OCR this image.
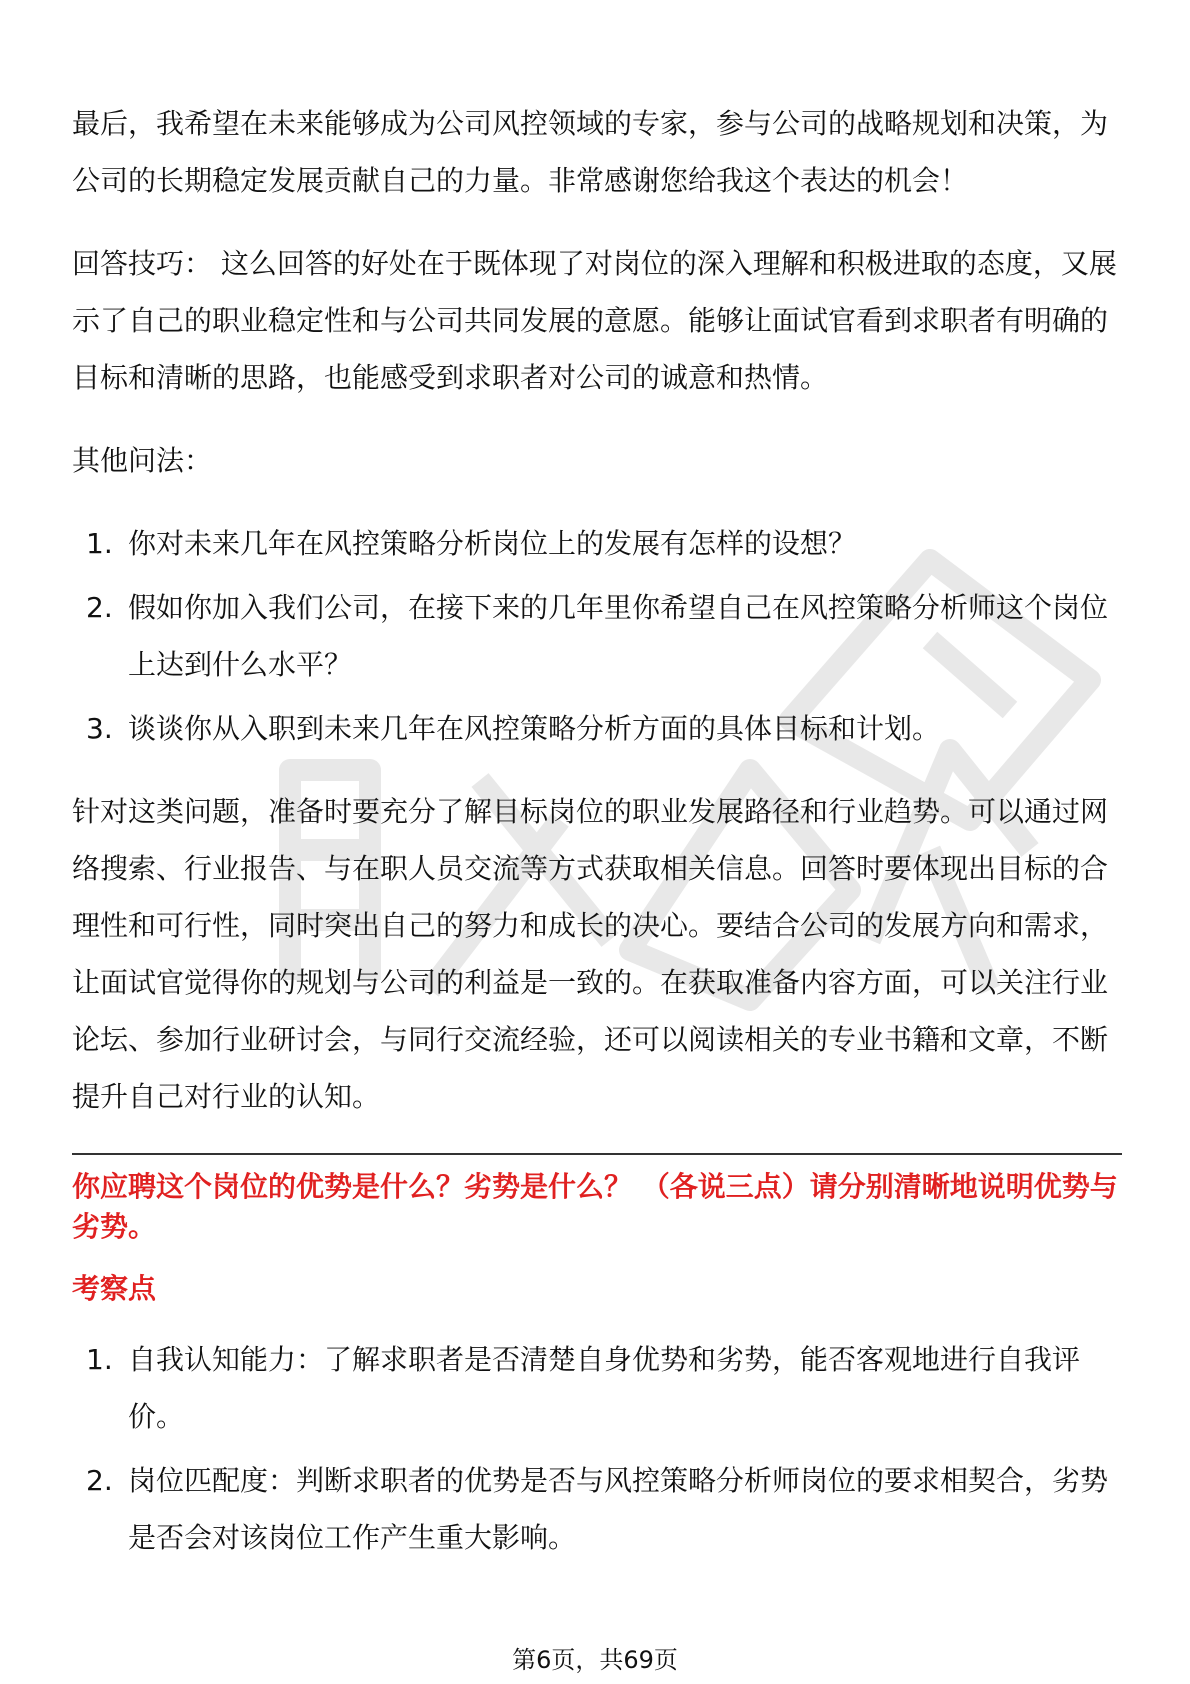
最后，我希望在未来能够成为公司风控领域的专家，参与公司的战略规划和决策，为公司的长期稳定发展贡献自己的力量。非常感谢您给我这个表达的机会！

回答技巧： 这么回答的好处在于既体现了对岗位的深入理解和积极进取的态度，又展示了自己的职业稳定性和与公司共同发展的意愿。能够让面试官看到求职者有明确的目标和清晰的思路，也能感受到求职者对公司的诚意和热情。

其他问法：

1. 你对未来几年在风控策略分析岗位上的发展有怎样的设想？
2. 假如你加入我们公司，在接下来的几年里你希望自己在风控策略分析师这个岗位上达到什么水平？
3. 谈谈你从入职到未来几年在风控策略分析方面的具体目标和计划。

针对这类问题，准备时要充分了解目标岗位的职业发展路径和行业趋势。可以通过网络搜索、行业报告、与在职人员交流等方式获取相关信息。回答时要体现出目标的合理性和可行性，同时突出自己的努力和成长的决心。要结合公司的发展方向和需求，让面试官觉得你的规划与公司的利益是一致的。在获取准备内容方面，可以关注行业论坛、参加行业研讨会，与同行交流经验，还可以阅读相关的专业书籍和文章，不断提升自己对行业的认知。

你应聘这个岗位的优势是什么？劣势是什么？ （各说三点）请分别清晰地说明优势与劣势。

考察点

1. 自我认知能力：了解求职者是否清楚自身优势和劣势，能否客观地进行自我评价。
2. 岗位匹配度：判断求职者的优势是否与风控策略分析师岗位的要求相契合，劣势是否会对该岗位工作产生重大影响。
第6页，共69页
